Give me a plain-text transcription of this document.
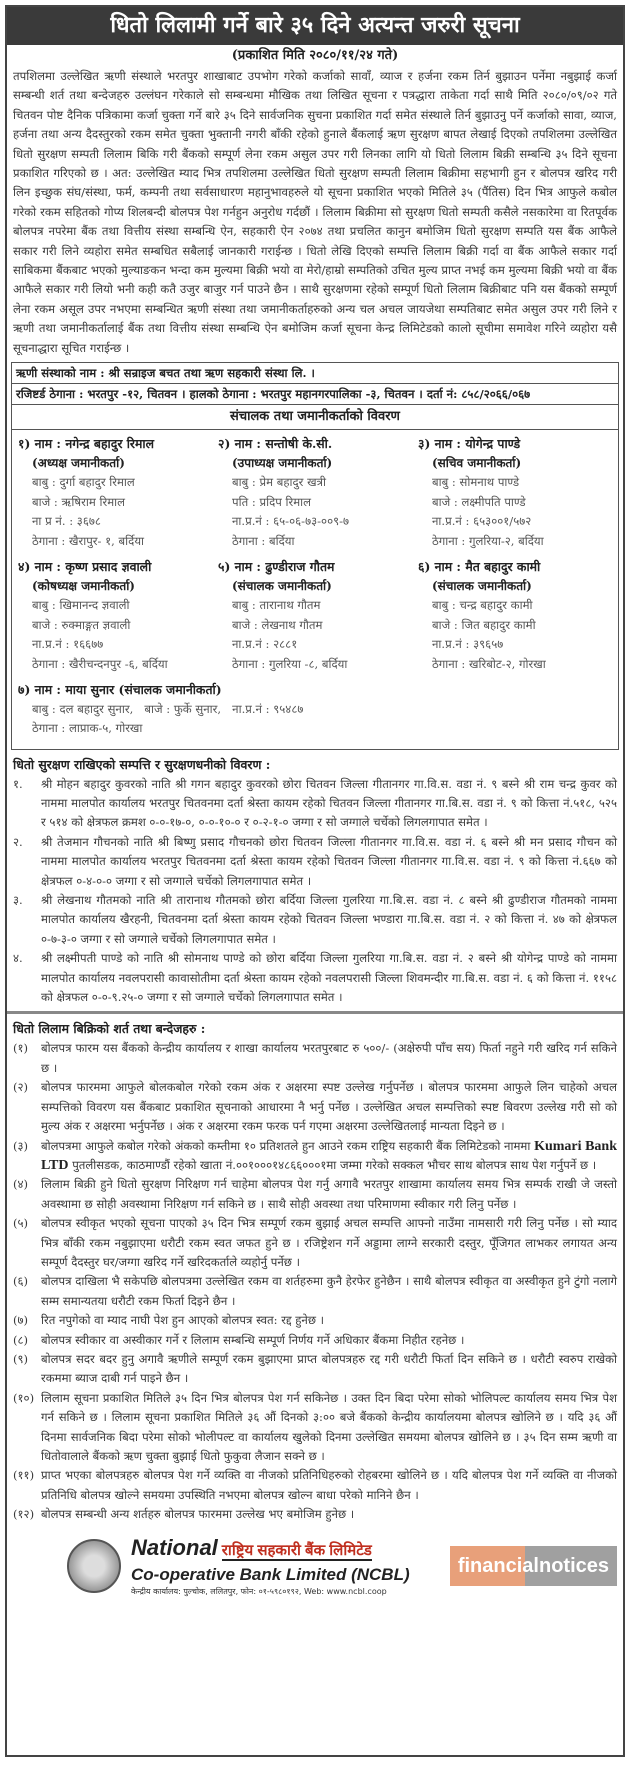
धितो लिलामी गर्ने बारे ३५ दिने अत्यन्त जरुरी सूचना
(प्रकाशित मिति २०८०/११/२४ गते)
तपशिलमा उल्लेखित ऋणी संस्थाले भरतपुर शाखाबाट उपभोग गरेको कर्जाको सावाँ, व्याज र हर्जना रकम तिर्न बुझाउन पर्नेमा नबुझाई कर्जा सम्बन्धी शर्त तथा बन्देजहरु उल्लंघन गरेकाले सो सम्बन्धमा मौखिक तथा लिखित सूचना र पत्रद्धारा ताकेता गर्दा साथै मिति २०८०/०९/०२ गते चितवन पोष्ट दैनिक पत्रिकामा कर्जा चुक्ता गर्ने बारे ३५ दिने सार्वजनिक सुचना प्रकाशित गर्दा समेत संस्थाले तिर्न बुझाउनु पर्ने कर्जाको सावा, व्याज, हर्जना तथा अन्य दैदस्तुरको रकम समेत चुक्ता भुक्तानी नगरी बाँकी रहेको हुनाले बैंकलाई ऋण सुरक्षण बापत लेखाई दिएको तपशिलमा उल्लेखित धितो सुरक्षण सम्पती लिलाम बिकि गरी बैंकको सम्पूर्ण लेना रकम असुल उपर गरी लिनका लागि यो धितो लिलाम बिक्री सम्बन्धि ३५ दिने सूचना प्रकाशित गरिएको छ । अत: उल्लेखित म्याद भित्र तपशिलमा उल्लेखित धितो सुरक्षण सम्पती लिलाम बिक्रीमा सहभागी हुन र बोलपत्र खरिद गरी लिन इच्छुक संघ/संस्था, फर्म, कम्पनी तथा सर्वसाधारण महानुभावहरुले यो सूचना प्रकाशित भएको मितिले ३५ (पैंतिस) दिन भित्र आफुले कबोल गरेको रकम सहितको गोप्य शिलबन्दी बोलपत्र पेश गर्नहुन अनुरोध गर्दछौं । लिलाम बिक्रीमा सो सुरक्षण धितो सम्पती कसैले नसकारेमा वा रितपूर्वक बोलपत्र नपरेमा बैंक तथा वित्तीय संस्था सम्बन्धि ऐन, सहकारी ऐन २०७४ तथा प्रचलित कानुन बमोजिम धितो सुरक्षण सम्पति यस बैंक आफैले सकार गरी लिने व्यहोरा समेत सम्बधित सबैलाई जानकारी गराईन्छ । धितो लेखि दिएको सम्पत्ति लिलाम बिक्री गर्दा वा बैंक आफैले सकार गर्दा साबिकमा बैंकबाट भएको मुल्याङकन भन्दा कम मुल्यमा बिक्री भयो वा मेरो/हाम्रो सम्पतिको उचित मुल्य प्राप्त नभई कम मुल्यमा बिक्री भयो वा बैंक आफैले सकार गरी लियो भनी कही कतै उजुर बाजुर गर्न पाउने छैन । साथै सुरक्षणमा रहेको सम्पूर्ण धितो लिलाम बिक्रीबाट पनि यस बैंकको सम्पूर्ण लेना रकम असूल उपर नभएमा सम्बन्धित ऋणी संस्था तथा जमानीकर्ताहरुको अन्य चल अचल जायजेथा सम्पतिबाट समेत असुल उपर गरी लिने र ऋणी तथा जमानीकर्तालाई बैंक तथा वित्तीय संस्था सम्बन्धि ऐन बमोजिम कर्जा सूचना केन्द्र लिमिटेडको कालो सूचीमा समावेश गरिने व्यहोरा यसै सूचनाद्धारा सूचित गराईन्छ ।
ऋणी संस्थाको नाम : श्री सन्राइज बचत तथा ऋण सहकारी संस्था लि. ।
रजिष्टर्ड ठेगाना : भरतपुर -१२, चितवन । हालको ठेगाना : भरतपुर महानगरपालिका -३, चितवन । दर्ता नं: ८५८/२०६६/०६७
संचालक तथा जमानीकर्ताको विवरण
१) नाम : नगेन्द्र बहादुर रिमाल
(अध्यक्ष जमानीकर्ता)
बाबु : दुर्गा बहादुर रिमाल
बाजे : ऋषिराम रिमाल
ना प्र नं. : ३६७८
ठेगाना : खैरापुर- १, बर्दिया
२) नाम : सन्तोषी के.सी.
(उपाध्यक्ष जमानीकर्ता)
बाबु : प्रेम बहादुर खत्री
पति : प्रदिप रिमाल
ना.प्र.नं : ६५-०६-७३-००९-७
ठेगाना : बर्दिया
३) नाम : योगेन्द्र पाण्डे
(सचिव जमानीकर्ता)
बाबु : सोमनाथ पाण्डे
बाजे : लक्ष्मीपति पाण्डे
ना.प्र.नं : ६५३००१/५७२
ठेगाना : गुलरिया-२, बर्दिया
४) नाम : कृष्ण प्रसाद ज्ञवाली
(कोषध्यक्ष जमानीकर्ता)
बाबु : खिमानन्द ज्ञवाली
बाजे : रुक्माङ्गत ज्ञवाली
ना.प्र.नं : १६६७७
ठेगाना : खैरीचन्दनपुर -६, बर्दिया
५) नाम : ढुण्डीराज गौतम
(संचालक जमानीकर्ता)
बाबु : तारानाथ गौतम
बाजे : लेखनाथ गौतम
ना.प्र.नं : २८८१
ठेगाना : गुलरिया -८, बर्दिया
६) नाम : मैत बहादुर कामी
(संचालक जमानीकर्ता)
बाबु : चन्द्र बहादुर कामी
बाजे : जित बहादुर कामी
ना.प्र.नं : ३९६५७
ठेगाना : खरिबोट-२, गोरखा
७) नाम : माया सुनार (संचालक जमानीकर्ता)
बाबु : दल बहादुर सुनार,   बाजे : फुर्के सुनार,   ना.प्र.नं : ९५४८७
ठेगाना : लाप्राक-५, गोरखा
धितो सुरक्षण राखिएको सम्पत्ति र सुरक्षणधनीको विवरण :
१.	श्री मोहन बहादुर कुवरको नाति श्री गगन बहादुर कुवरको छोरा चितवन जिल्ला गीतानगर गा.वि.स. वडा नं. ९ बस्ने श्री राम चन्द्र कुवर को नाममा मालपोत कार्यालय भरतपुर चितवनमा दर्ता श्रेस्ता कायम रहेको चितवन जिल्ला गीतानगर गा.बि.स. वडा नं. ९ को कित्ता नं.५१८, ५२५ र ५१४ को क्षेत्रफल क्रमश ०-०-१७-०, ०-०-१०-० र ०-२-१-० जग्गा र सो जग्गाले चर्चेको लिगलगापात समेत ।
२.	श्री तेजमान गौचनको नाति श्री बिष्णु प्रसाद गौचनको छोरा चितवन जिल्ला गीतानगर गा.वि.स. वडा नं. ६ बस्ने श्री मन प्रसाद गौचन को नाममा मालपोत कार्यालय भरतपुर चितवनमा दर्ता श्रेस्ता कायम रहेको चितवन जिल्ला गीतानगर गा.वि.स. वडा नं. ९ को कित्ता नं.६६७ को क्षेत्रफल ०-४-०-० जग्गा र सो जग्गाले चर्चेको लिगलगापात समेत ।
३.	श्री लेखनाथ गौतमको नाति श्री तारानाथ गौतमको छोरा बर्दिया जिल्ला गुलरिया गा.बि.स. वडा नं. ८ बस्ने श्री ढुण्डीराज गौतमको नाममा मालपोत कार्यालय खैरहनी, चितवनमा दर्ता श्रेस्ता कायम रहेको चितवन जिल्ला भण्डारा गा.बि.स. वडा नं. २ को कित्ता नं. ४७ को क्षेत्रफल ०-७-३-० जग्गा र सो जग्गाले चर्चेको लिगलगापात समेत ।
४.	श्री लक्ष्मीपती पाण्डे को नाति श्री सोमनाथ पाण्डे को छोरा बर्दिया जिल्ला गुलरिया गा.बि.स. वडा नं. २ बस्ने श्री योगेन्द्र पाण्डे को नाममा मालपोत कार्यालय नवलपरासी कावासोतीमा दर्ता श्रेस्ता कायम रहेको नवलपरासी जिल्ला शिवमन्दीर गा.बि.स. वडा नं. ६ को कित्ता नं. ११५८ को क्षेत्रफल ०-०-९.२५-० जग्गा र सो जग्गाले चर्चेको लिगलगापात समेत ।
धितो लिलाम बिक्रिको शर्त तथा बन्देजहरु :
(१)	बोलपत्र फारम यस बैंकको केन्द्रीय कार्यालय र शाखा कार्यालय भरतपुरबाट रु ५००/- (अक्षेरुपी पाँच सय) फिर्ता नहुने गरी खरिद गर्न सकिने छ ।
(२)	बोलपत्र फारममा आफुले बोलकबोल गरेको रकम अंक र अक्षरमा स्पष्ट उल्लेख गर्नुपर्नेछ । बोलपत्र फारममा आफुले लिन चाहेको अचल सम्पत्तिको विवरण यस बैंकबाट प्रकाशित सूचनाको आधारमा नै भर्नु पर्नेछ । उल्लेखित अचल सम्पत्तिको स्पष्ट बिवरण उल्लेख गरी सो को मुल्य अंक र अक्षरमा भर्नुपर्नेछ । अंक र अक्षरमा रकम फरक पर्न गएमा अक्षरमा उल्लेखितलाई मान्यता दिइने छ ।
(३)	बोलपत्रमा आफुले कबोल गरेको अंकको कम्तीमा १० प्रतिशतले हुन आउने रकम राष्ट्रिय सहकारी बैंक लिमिटेडको नाममा Kumari Bank LTD पुतलीसडक, काठमाण्डौं रहेको खाता नं.००१०००१४८६६०००१मा जम्मा गरेको सक्कल भौचर साथ बोलपत्र साथ पेश गर्नुपर्ने छ ।
(४)	लिलाम बिक्री हुने धितो सुरक्षण निरिक्षण गर्न चाहेमा बोलपत्र पेश गर्नु अगावै भरतपुर शाखामा कार्यालय समय भित्र सम्पर्क राखी जे जस्तो अवस्थामा छ सोही अवस्थामा निरिक्षण गर्न सकिने छ । साथै सोही अवस्था तथा परिमाणमा स्वीकार गरी लिनु पर्नेछ ।
(५)	बोलपत्र स्वीकृत भएको सूचना पाएको ३५ दिन भित्र सम्पूर्ण रकम बुझाई अचल सम्पत्ति आफ्नो नाउँमा नामसारी गरी लिनु पर्नेछ । सो म्याद भित्र बाँकी रकम नबुझाएमा धरौटी रकम स्वत जफत हुने छ । रजिष्ट्रेशन गर्ने अड्डामा लाग्ने सरकारी दस्तुर, पूँजिगत लाभकर लगायत अन्य सम्पूर्ण दैदस्तुर घर/जग्गा खरिद गर्ने खरिदकर्ताले व्यहोर्नु पर्नेछ ।
(६)	बोलपत्र दाखिला भै सकेपछि बोलपत्रमा उल्लेखित रकम वा शर्तहरुमा कुनै हेरफेर हुनेछैन । साथै बोलपत्र स्वीकृत वा अस्वीकृत हुने टुंगो नलागे सम्म समान्यतया धरौटी रकम फिर्ता दिइने छैन ।
(७)	रित नपुगेको वा म्याद नाघी पेश हुन आएको बोलपत्र स्वत: रद्द हुनेछ ।
(८)	बोलपत्र स्वीकार वा अस्वीकार गर्ने र लिलाम सम्बन्धि सम्पूर्ण निर्णय गर्ने अधिकार बैंकमा निहीत रहनेछ ।
(९)	बोलपत्र सदर बदर हुनु अगावै ऋणीले सम्पूर्ण रकम बुझाएमा प्राप्त बोलपत्रहरु रद्द गरी धरौटी फिर्ता दिन सकिने छ । धरौटी स्वरुप राखेको रकममा ब्याज दाबी गर्न पाइने छैन ।
(१०) लिलाम सूचना प्रकाशित मितिले ३५ दिन भित्र बोलपत्र पेश गर्न सकिनेछ । उक्त दिन बिदा परेमा सोको भोलिपल्ट कार्यालय समय भित्र पेश गर्न सकिने छ । लिलाम सूचना प्रकाशित मितिले ३६ औं दिनको ३:०० बजे बैंकको केन्द्रीय कार्यालयमा बोलपत्र खोलिने छ । यदि ३६ औं दिनमा सार्वजनिक बिदा परेमा सोको भोलीपल्ट वा कार्यालय खुलेको दिनमा उल्लेखित समयमा बोलपत्र खोलिने छ । ३५ दिन सम्म ऋणी वा धितोवालाले बैंकको ऋण चुक्ता बुझाई धितो फुकुवा लैजान सक्ने छ ।
(११) प्राप्त भएका बोलपत्रहरु बोलपत्र पेश गर्ने व्यक्ति वा नीजको प्रतिनिधिहरुको रोहबरमा खोलिने छ । यदि बोलपत्र पेश गर्ने व्यक्ति वा नीजको प्रतिनिधि बोलपत्र खोल्ने समयमा उपस्थिति नभएमा बोलपत्र खोल्न बाधा परेको मानिने छैन ।
(१२) बोलपत्र सम्बन्धी अन्य शर्तहरु बोलपत्र फारममा उल्लेख भए बमोजिम हुनेछ ।
National राष्ट्रिय सहकारी बैंक लिमिटेड
Co-operative Bank Limited (NCBL)
केन्द्रीय कार्यालय: पुल्चोक, ललितपुर, फोन: ०१-५९८०१९२, Web: www.ncbl.coop
financialnotices
